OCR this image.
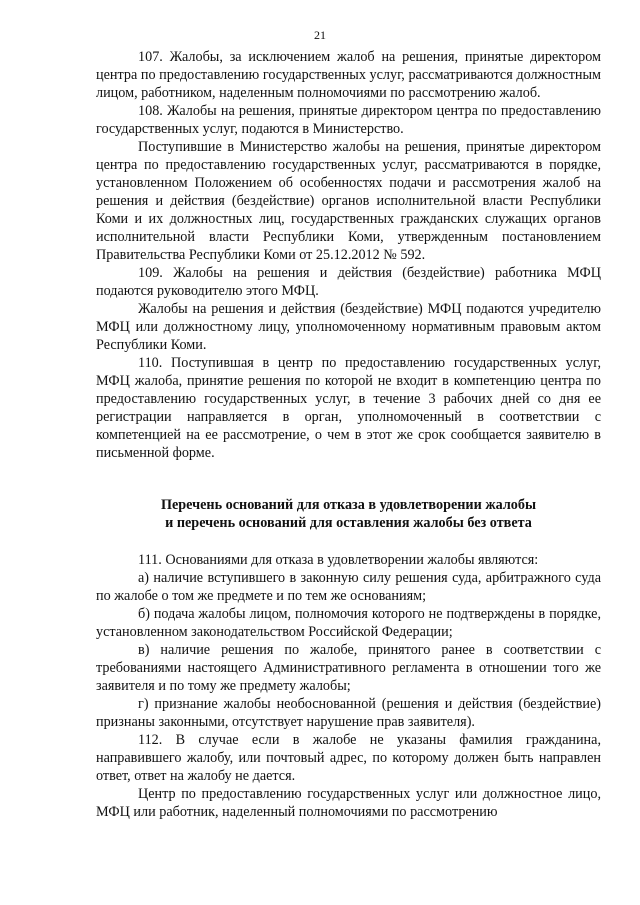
21

107. Жалобы, за исключением жалоб на решения, принятые директором центра по предоставлению государственных услуг, рассматриваются должностным лицом, работником, наделенным полномочиями по рассмотрению жалоб.

108. Жалобы на решения, принятые директором центра по предоставлению государственных услуг, подаются в Министерство.

Поступившие в Министерство жалобы на решения, принятые директором центра по предоставлению государственных услуг, рассматриваются в порядке, установленном Положением об особенностях подачи и рассмотрения жалоб на решения и действия (бездействие) органов исполнительной власти Республики Коми и их должностных лиц, государственных гражданских служащих органов исполнительной власти Республики Коми, утвержденным постановлением Правительства Республики Коми от 25.12.2012 № 592.

109. Жалобы на решения и действия (бездействие) работника МФЦ подаются руководителю этого МФЦ.

Жалобы на решения и действия (бездействие) МФЦ подаются учредителю МФЦ или должностному лицу, уполномоченному нормативным правовым актом Республики Коми.

110. Поступившая в центр по предоставлению государственных услуг, МФЦ жалоба, принятие решения по которой не входит в компетенцию центра по предоставлению государственных услуг, в течение 3 рабочих дней со дня ее регистрации направляется в орган, уполномоченный в соответствии с компетенцией на ее рассмотрение, о чем в этот же срок сообщается заявителю в письменной форме.

Перечень оснований для отказа в удовлетворении жалобы
и перечень оснований для оставления жалобы без ответа

111. Основаниями для отказа в удовлетворении жалобы являются:

а) наличие вступившего в законную силу решения суда, арбитражного суда по жалобе о том же предмете и по тем же основаниям;

б) подача жалобы лицом, полномочия которого не подтверждены в порядке, установленном законодательством Российской Федерации;

в) наличие решения по жалобе, принятого ранее в соответствии с требованиями настоящего Административного регламента в отношении того же заявителя и по тому же предмету жалобы;

г) признание жалобы необоснованной (решения и действия (бездействие) признаны законными, отсутствует нарушение прав заявителя).

112. В случае если в жалобе не указаны фамилия гражданина, направившего жалобу, или почтовый адрес, по которому должен быть направлен ответ, ответ на жалобу не дается.

Центр по предоставлению государственных услуг или должностное лицо, МФЦ или работник, наделенный полномочиями по рассмотрению
